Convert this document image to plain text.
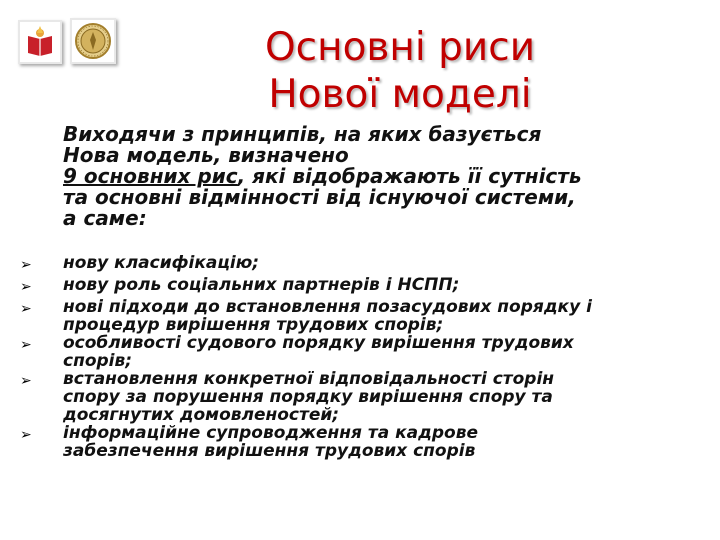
Основні риси
Нової моделі
Виходячи з принципів, на яких базується
Нова модель, визначено
9 основних рис, які відображають її сутність
та основні відмінності від існуючої системи,
а саме:
➢	нову класифікацію;
➢	нову роль соціальних партнерів і НСПП;
➢	нові підходи до встановлення позасудових порядку і
процедур вирішення трудових спорів;
➢	особливості судового порядку вирішення трудових
спорів;
➢	встановлення конкретної відповідальності сторін
спору за порушення порядку вирішення спору та
досягнутих домовленостей;
➢	інформаційне супроводження та кадрове
забезпечення вирішення трудових спорів
